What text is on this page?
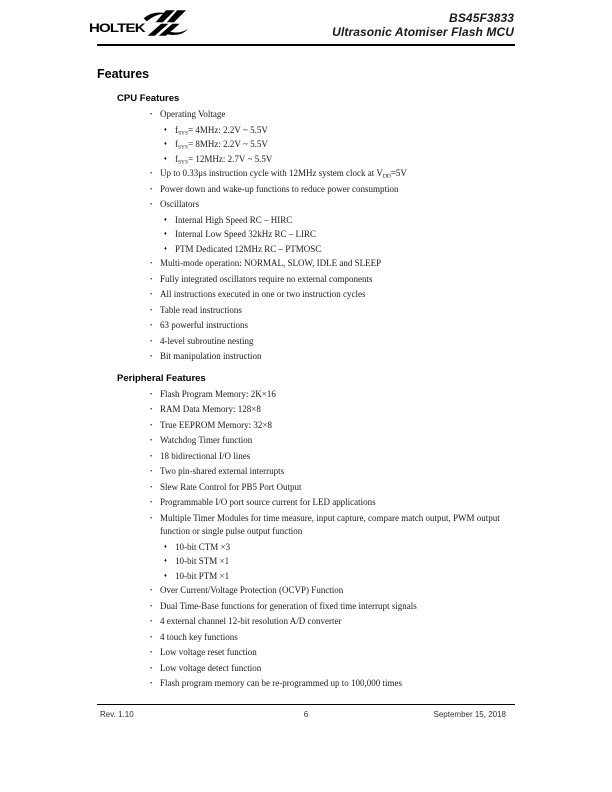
HOLTEK
BS45F3833
Ultrasonic Atomiser Flash MCU
Features
CPU Features
• Operating Voltage
♦ $f_{SYS}= 4MHz$: 2.2V ~ 5.5V
♦ $f_{SYS}= 8MHz$: 2.2V ~ 5.5V
♦ $f_{SYS}= 12MHz$: 2.7V ~ 5.5V
• Up to 0.33μs instruction cycle with 12MHz system clock at $V_{DD}=5V$
• Power down and wake-up functions to reduce power consumption
• Oscillators
♦ Internal High Speed RC – HIRC
♦ Internal Low Speed 32kHz RC – LIRC
♦ PTM Dedicated 12MHz RC – PTMOSC
• Multi-mode operation: NORMAL, SLOW, IDLE and SLEEP
• Fully integrated oscillators require no external components
• All instructions executed in one or two instruction cycles
• Table read instructions
• 63 powerful instructions
• 4-level subroutine nesting
• Bit manipulation instruction
Peripheral Features
• Flash Program Memory: 2K×16
• RAM Data Memory: 128×8
• True EEPROM Memory: 32×8
• Watchdog Timer function
• 18 bidirectional I/O lines
• Two pin-shared external interrupts
• Slew Rate Control for PB5 Port Output
• Programmable I/O port source current for LED applications
• Multiple Timer Modules for time measure, input capture, compare match output, PWM output
function or single pulse output function
♦ 10-bit CTM ×3
♦ 10-bit STM ×1
♦ 10-bit PTM ×1
• Over Current/Voltage Protection (OCVP) Function
• Dual Time-Base functions for generation of fixed time interrupt signals
• 4 external channel 12-bit resolution A/D converter
• 4 touch key functions
• Low voltage reset function
• Low voltage detect function
• Flash program memory can be re-programmed up to 100,000 times
Rev. 1.10	6	September 15, 2018
